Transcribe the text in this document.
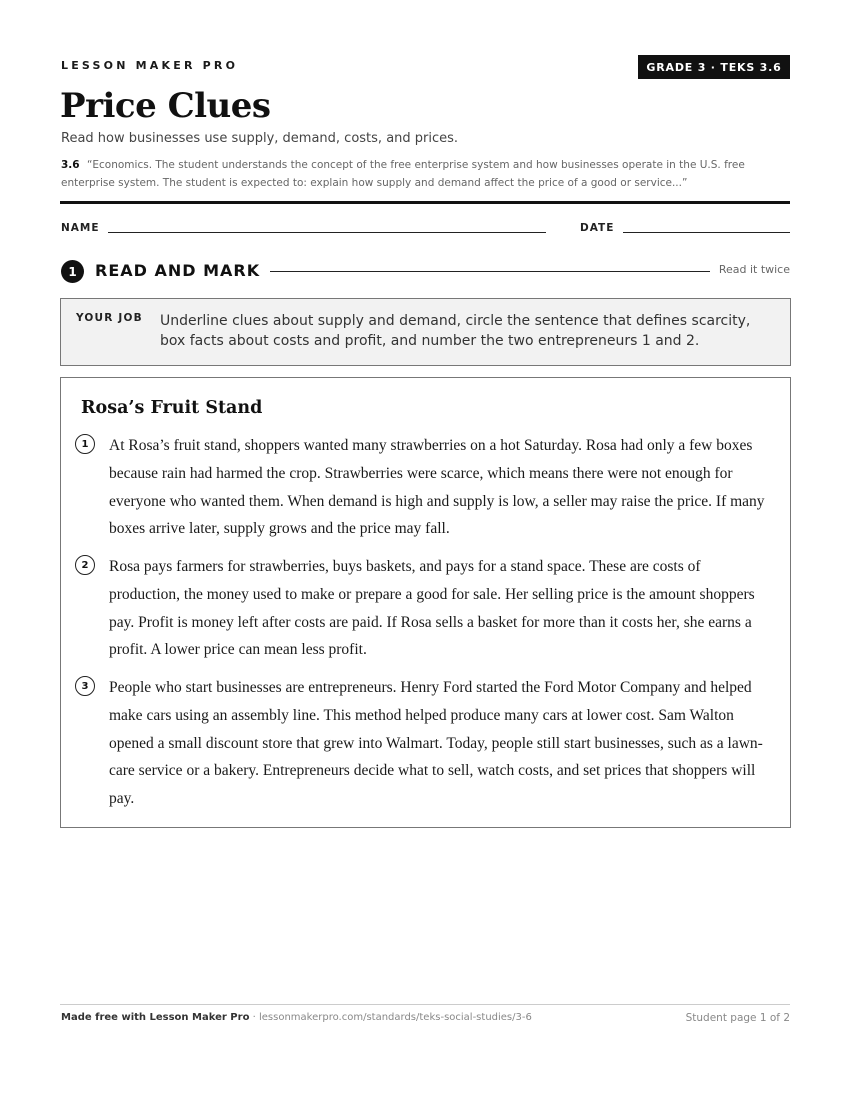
LESSON MAKER PRO	GRADE 3 · TEKS 3.6
Price Clues
Read how businesses use supply, demand, costs, and prices.
3.6 “Economics. The student understands the concept of the free enterprise system and how businesses operate in the U.S. free enterprise system. The student is expected to: explain how supply and demand affect the price of a good or service...”
NAME	DATE
1	READ AND MARK	Read it twice
YOUR JOB Underline clues about supply and demand, circle the sentence that defines scarcity, box facts about costs and profit, and number the two entrepreneurs 1 and 2.
Rosa’s Fruit Stand
1	At Rosa’s fruit stand, shoppers wanted many strawberries on a hot Saturday. Rosa had only a few boxes because rain had harmed the crop. Strawberries were scarce, which means there were not enough for everyone who wanted them. When demand is high and supply is low, a seller may raise the price. If many boxes arrive later, supply grows and the price may fall.
2	Rosa pays farmers for strawberries, buys baskets, and pays for a stand space. These are costs of production, the money used to make or prepare a good for sale. Her selling price is the amount shoppers pay. Profit is money left after costs are paid. If Rosa sells a basket for more than it costs her, she earns a profit. A lower price can mean less profit.
3	People who start businesses are entrepreneurs. Henry Ford started the Ford Motor Company and helped make cars using an assembly line. This method helped produce many cars at lower cost. Sam Walton opened a small discount store that grew into Walmart. Today, people still start businesses, such as a lawn-care service or a bakery. Entrepreneurs decide what to sell, watch costs, and set prices that shoppers will pay.
Made free with Lesson Maker Pro · lessonmakerpro.com/standards/teks-social-studies/3-6	Student page 1 of 2
